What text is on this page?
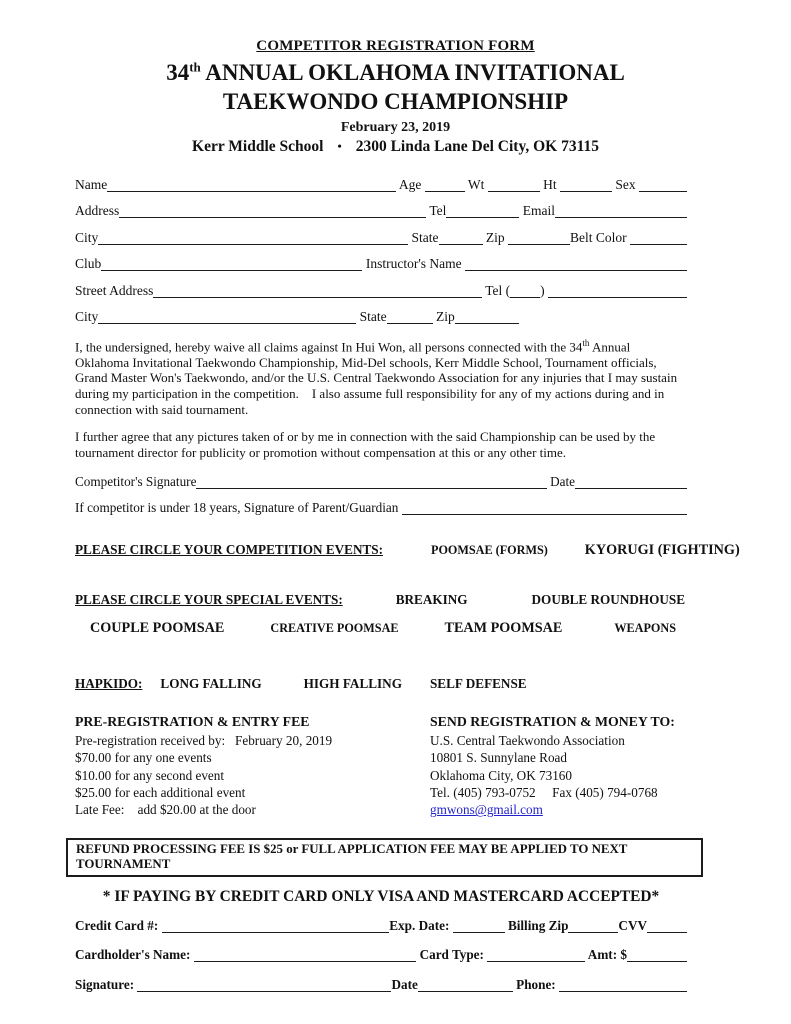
COMPETITOR REGISTRATION FORM
34th ANNUAL OKLAHOMA INVITATIONAL
TAEKWONDO CHAMPIONSHIP
February 23, 2019
Kerr Middle School • 2300 Linda Lane Del City, OK 73115
Name	Age	Wt	Ht	Sex
Address	Tel	Email
City	State	Zip	Belt Color
Club	Instructor's Name
Street Address	Tel ( )
City	State	Zip

I, the undersigned, hereby waive all claims against In Hui Won, all persons connected with the 34th Annual Oklahoma Invitational Taekwondo Championship, Mid-Del schools, Kerr Middle School, Tournament officials, Grand Master Won's Taekwondo, and/or the U.S. Central Taekwondo Association for any injuries that I may sustain during my participation in the competition.    I also assume full responsibility for any of my actions during and in connection with said tournament.

I further agree that any pictures taken of or by me in connection with the said Championship can be used by the tournament director for publicity or promotion without compensation at this or any other time.

Competitor's Signature	Date
If competitor is under 18 years, Signature of Parent/Guardian
PLEASE CIRCLE YOUR COMPETITION EVENTS:	POOMSAE (FORMS)	KYORUGI (FIGHTING)
PLEASE CIRCLE YOUR SPECIAL EVENTS:	BREAKING	DOUBLE ROUNDHOUSE
COUPLE POOMSAE	CREATIVE POOMSAE	TEAM POOMSAE	WEAPONS
HAPKIDO: LONG FALLING	HIGH FALLING SELF DEFENSE
PRE-REGISTRATION & ENTRY FEE
Pre-registration received by:   February 20, 2019
$70.00 for any one events
$10.00 for any second event
$25.00 for each additional event
Late Fee:    add $20.00 at the door
SEND REGISTRATION & MONEY TO:
U.S. Central Taekwondo Association
10801 S. Sunnylane Road
Oklahoma City, OK 73160
Tel. (405) 793-0752     Fax (405) 794-0768
gmwons@gmail.com
REFUND PROCESSING FEE IS $25 or FULL APPLICATION FEE MAY BE APPLIED TO NEXT TOURNAMENT
* IF PAYING BY CREDIT CARD ONLY VISA AND MASTERCARD ACCEPTED*
Credit Card #:	Exp. Date:	Billing Zip	CVV
Cardholder's Name:	Card Type:	Amt: $
Signature:	Date	Phone:
